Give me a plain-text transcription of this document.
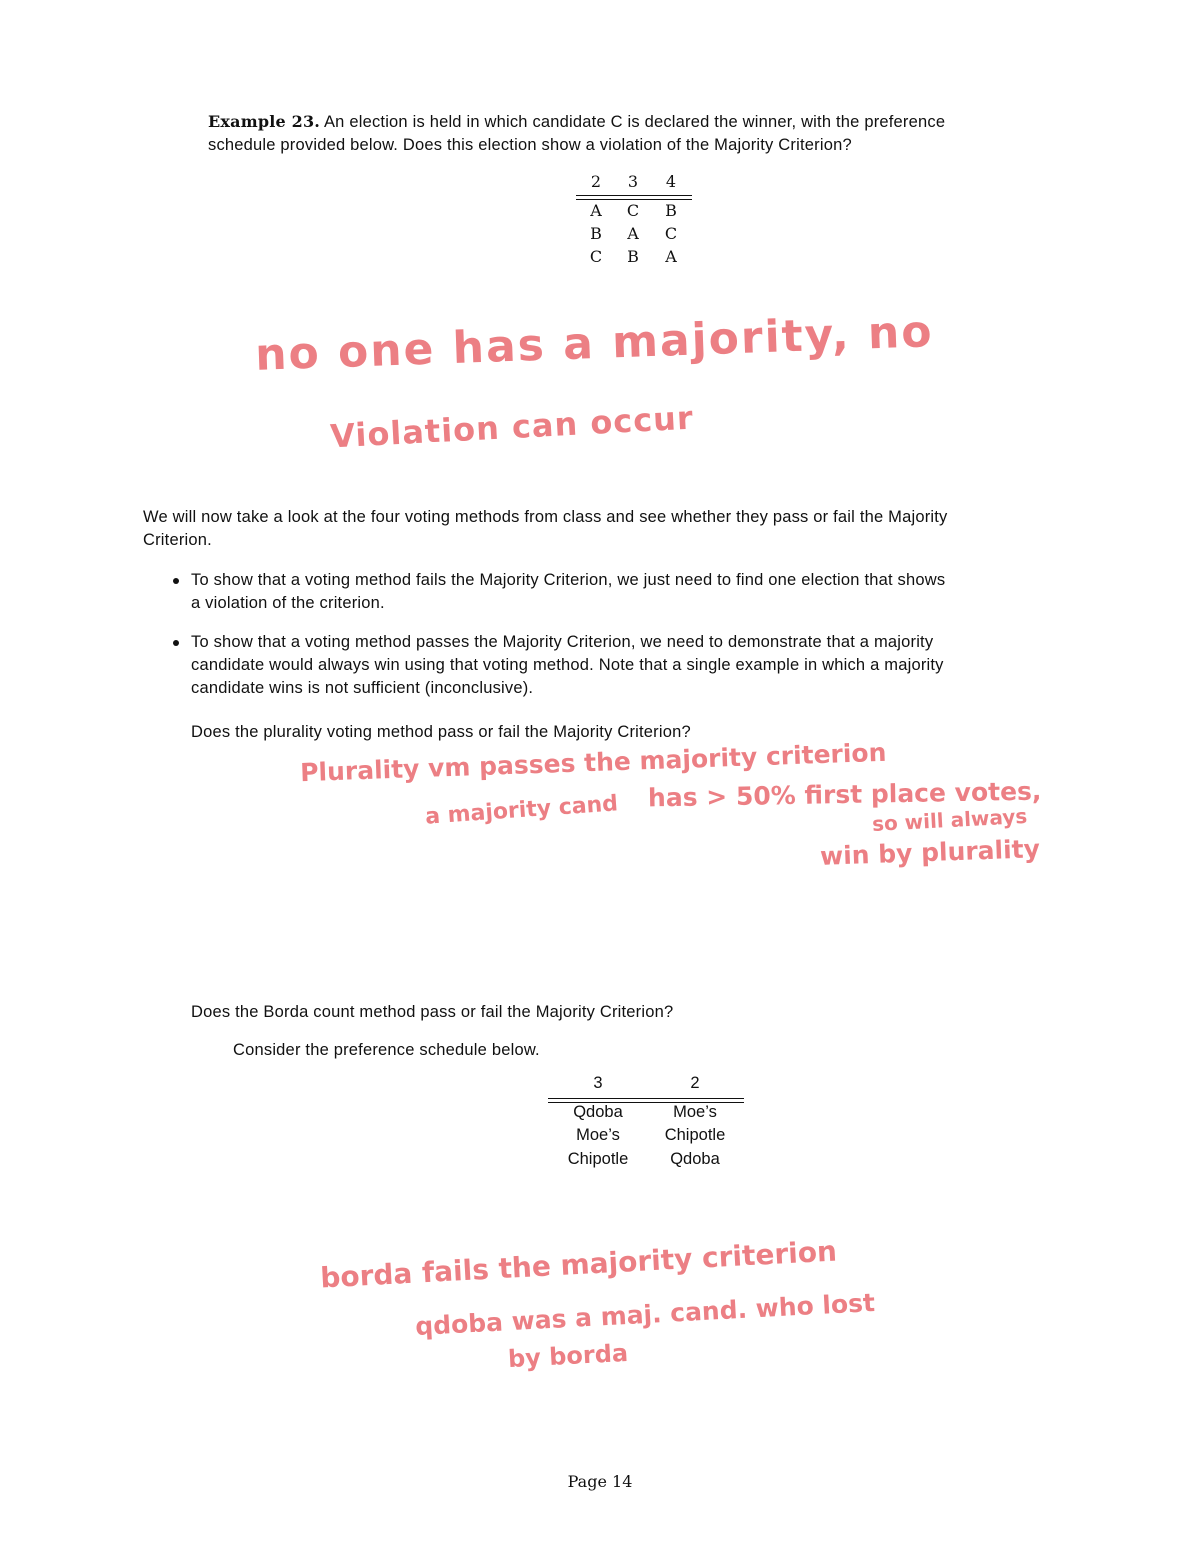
Example 23. An election is held in which candidate C is declared the winner, with the preference
schedule provided below. Does this election show a violation of the Majority Criterion?
2	3	4
A	C	B
B	A	C
C	B	A
no one has a majority, no
Violation can occur
We will now take a look at the four voting methods from class and see whether they pass or fail the Majority
Criterion.
To show that a voting method fails the Majority Criterion, we just need to find one election that shows
a violation of the criterion.
To show that a voting method passes the Majority Criterion, we need to demonstrate that a majority
candidate would always win using that voting method. Note that a single example in which a majority
candidate wins is not sufficient (inconclusive).
Does the plurality voting method pass or fail the Majority Criterion?
Plurality vm passes the majority criterion
a majority cand has > 50% first place votes,
so will always
win by plurality
Does the Borda count method pass or fail the Majority Criterion?
Consider the preference schedule below.
3	2
Qdoba	Moe’s
Moe’s	Chipotle
Chipotle	Qdoba
borda fails the majority criterion
qdoba was a maj. cand. who lost
by borda
Page 14
